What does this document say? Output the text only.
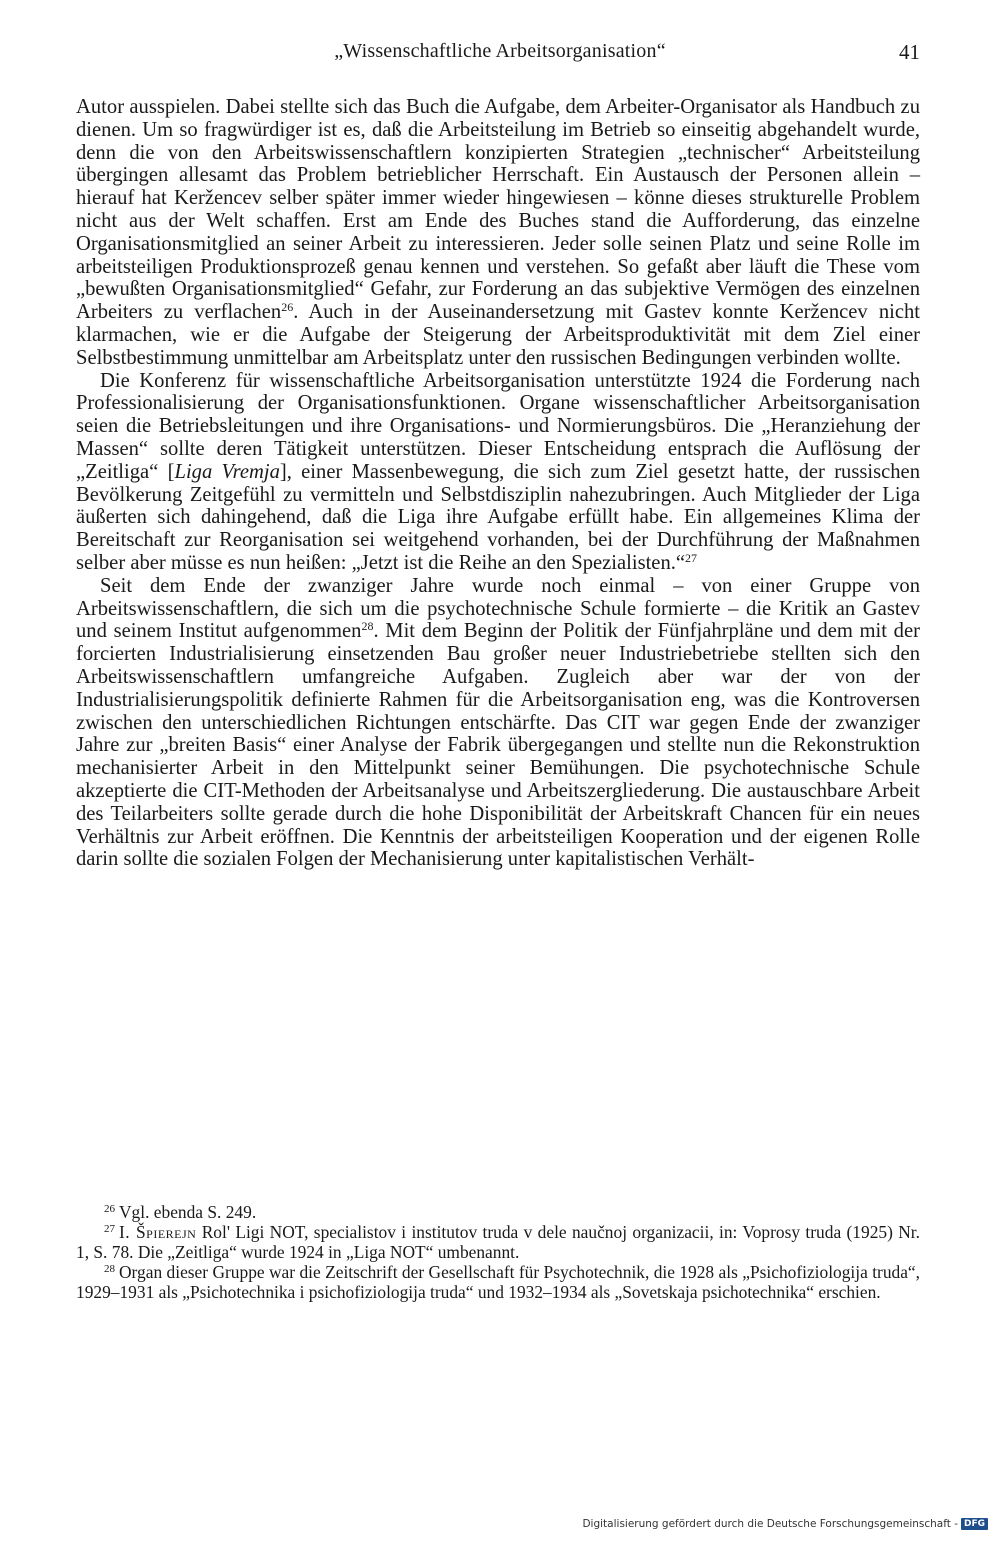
„Wissenschaftliche Arbeitsorganisation“	41

Autor ausspielen. Dabei stellte sich das Buch die Aufgabe, dem Arbeiter-Organisator als Handbuch zu dienen. Um so fragwürdiger ist es, daß die Arbeitsteilung im Betrieb so einseitig abgehandelt wurde, denn die von den Arbeitswissenschaftlern konzipierten Strategien „technischer“ Arbeitsteilung übergingen allesamt das Problem betrieblicher Herrschaft. Ein Austausch der Personen allein – hierauf hat Keržencev selber später immer wieder hingewiesen – könne dieses strukturelle Problem nicht aus der Welt schaffen. Erst am Ende des Buches stand die Aufforderung, das einzelne Organisationsmitglied an seiner Arbeit zu interessieren. Jeder solle seinen Platz und seine Rolle im arbeitsteiligen Produktionsprozeß genau kennen und verstehen. So gefaßt aber läuft die These vom „bewußten Organisationsmitglied“ Gefahr, zur Forderung an das subjektive Vermögen des einzelnen Arbeiters zu verflachen$^{26}$. Auch in der Auseinandersetzung mit Gastev konnte Keržencev nicht klarmachen, wie er die Aufgabe der Steigerung der Arbeitsproduktivität mit dem Ziel einer Selbstbestimmung unmittelbar am Arbeitsplatz unter den russischen Bedingungen verbinden wollte.

Die Konferenz für wissenschaftliche Arbeitsorganisation unterstützte 1924 die Forderung nach Professionalisierung der Organisationsfunktionen. Organe wissenschaftlicher Arbeitsorganisation seien die Betriebsleitungen und ihre Organisations- und Normierungsbüros. Die „Heranziehung der Massen“ sollte deren Tätigkeit unterstützen. Dieser Entscheidung entsprach die Auflösung der „Zeitliga“ [Liga Vremja], einer Massenbewegung, die sich zum Ziel gesetzt hatte, der russischen Bevölkerung Zeitgefühl zu vermitteln und Selbstdisziplin nahezubringen. Auch Mitglieder der Liga äußerten sich dahingehend, daß die Liga ihre Aufgabe erfüllt habe. Ein allgemeines Klima der Bereitschaft zur Reorganisation sei weitgehend vorhanden, bei der Durchführung der Maßnahmen selber aber müsse es nun heißen: „Jetzt ist die Reihe an den Spezialisten.“$^{27}$

Seit dem Ende der zwanziger Jahre wurde noch einmal – von einer Gruppe von Arbeitswissenschaftlern, die sich um die psychotechnische Schule formierte – die Kritik an Gastev und seinem Institut aufgenommen$^{28}$. Mit dem Beginn der Politik der Fünfjahrpläne und dem mit der forcierten Industrialisierung einsetzenden Bau großer neuer Industriebetriebe stellten sich den Arbeitswissenschaftlern umfangreiche Aufgaben. Zugleich aber war der von der Industrialisierungspolitik definierte Rahmen für die Arbeitsorganisation eng, was die Kontroversen zwischen den unterschiedlichen Richtungen entschärfte. Das CIT war gegen Ende der zwanziger Jahre zur „breiten Basis“ einer Analyse der Fabrik übergegangen und stellte nun die Rekonstruktion mechanisierter Arbeit in den Mittelpunkt seiner Bemühungen. Die psychotechnische Schule akzeptierte die CIT-Methoden der Arbeitsanalyse und Arbeitszergliederung. Die austauschbare Arbeit des Teilarbeiters sollte gerade durch die hohe Disponibilität der Arbeitskraft Chancen für ein neues Verhältnis zur Arbeit eröffnen. Die Kenntnis der arbeitsteiligen Kooperation und der eigenen Rolle darin sollte die sozialen Folgen der Mechanisierung unter kapitalistischen Verhält-

$^{26}$ Vgl. ebenda S. 249.

$^{27}$ I. Špierejn Rol' Ligi NOT, specialistov i institutov truda v dele naučnoj organizacii, in: Voprosy truda (1925) Nr. 1, S. 78. Die „Zeitliga“ wurde 1924 in „Liga NOT“ umbenannt.

$^{28}$ Organ dieser Gruppe war die Zeitschrift der Gesellschaft für Psychotechnik, die 1928 als „Psichofiziologija truda“, 1929–1931 als „Psichotechnika i psichofiziologija truda“ und 1932–1934 als „Sovetskaja psichotechnika“ erschien.

Digitalisierung gefördert durch die Deutsche Forschungsgemeinschaft - DFG
